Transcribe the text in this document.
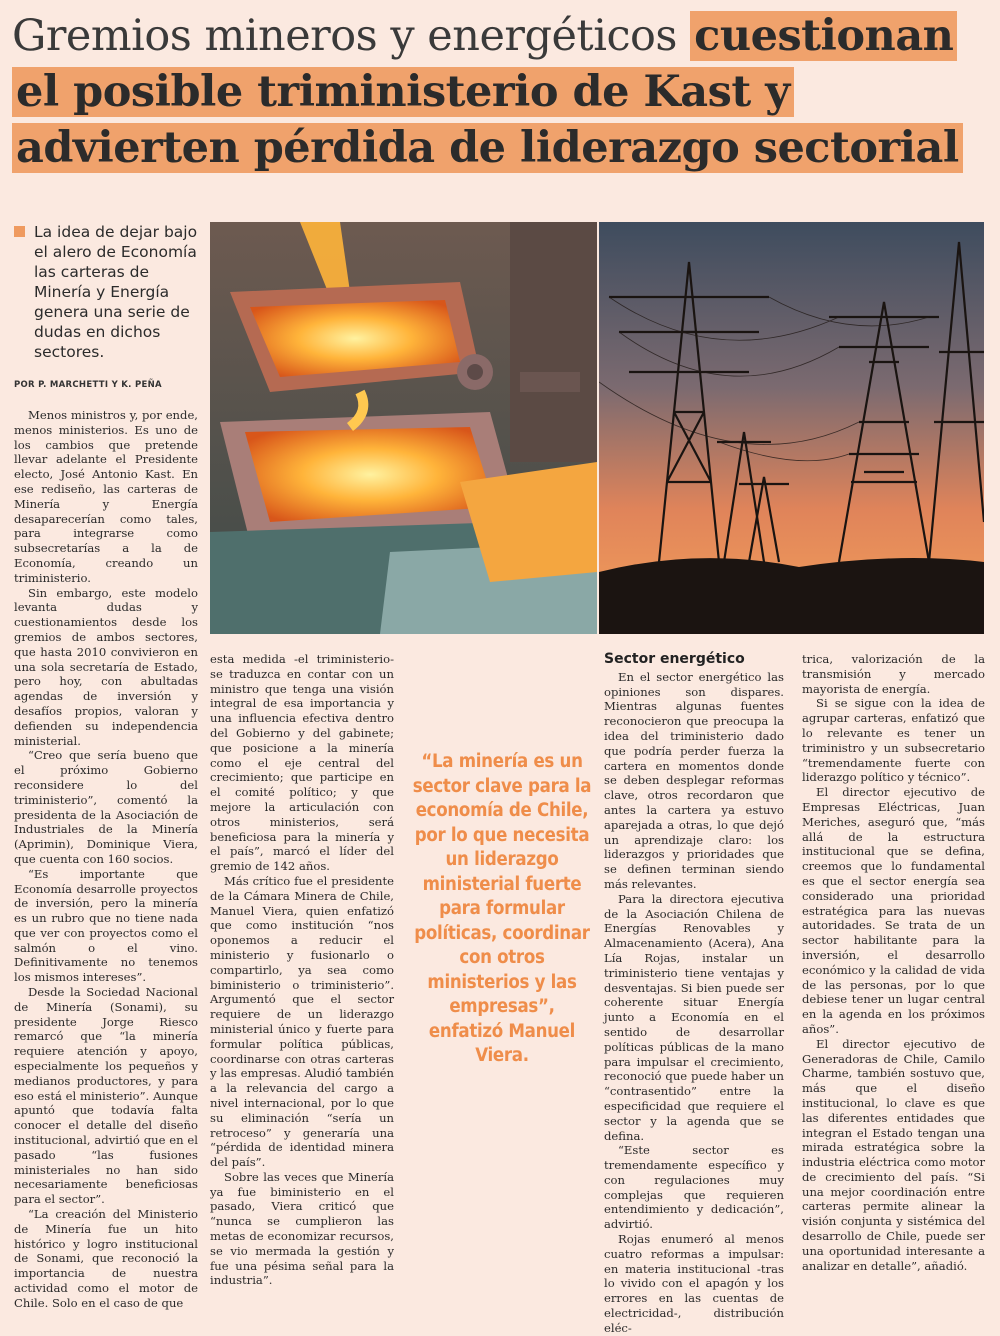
Gremios mineros y energéticos cuestionan
el posible triministerio de Kast y
advierten pérdida de liderazgo sectorial
La idea de dejar bajo el alero de Economía las carteras de Minería y Energía genera una serie de dudas en dichos sectores.
POR P. MARCHETTI Y K. PEÑA

Menos ministros y, por ende, menos ministerios. Es uno de los cambios que pretende llevar adelante el Presidente electo, José Antonio Kast. En ese rediseño, las carteras de Minería y Energía desaparecerían como tales, para integrarse como subsecretarías a la de Economía, creando un triministerio.

Sin embargo, este modelo levanta dudas y cuestionamientos desde los gremios de ambos sectores, que hasta 2010 convivieron en una sola secretaría de Estado, pero hoy, con abultadas agendas de inversión y desafíos propios, valoran y defienden su independencia ministerial.

“Creo que sería bueno que el próximo Gobierno reconsidere lo del triministerio”, comentó la presidenta de la Asociación de Industriales de la Minería (Aprimin), Dominique Viera, que cuenta con 160 socios.

“Es importante que Economía desarrolle proyectos de inversión, pero la minería es un rubro que no tiene nada que ver con proyectos como el salmón o el vino. Definitivamente no tenemos los mismos intereses”.

Desde la Sociedad Nacional de Minería (Sonami), su presidente Jorge Riesco remarcó que “la minería requiere atención y apoyo, especialmente los pequeños y medianos productores, y para eso está el ministerio”. Aunque apuntó que todavía falta conocer el detalle del diseño institucional, advirtió que en el pasado “las fusiones ministeriales no han sido necesariamente beneficiosas para el sector”.

“La creación del Ministerio de Minería fue un hito histórico y logro institucional de Sonami, que reconoció la importancia de nuestra actividad como el motor de Chile. Solo en el caso de que

esta medida -el triministerio- se traduzca en contar con un ministro que tenga una visión integral de esa importancia y una influencia efectiva dentro del Gobierno y del gabinete; que posicione a la minería como el eje central del crecimiento; que participe en el comité político; y que mejore la articulación con otros ministerios, será beneficiosa para la minería y el país”, marcó el líder del gremio de 142 años.

Más crítico fue el presidente de la Cámara Minera de Chile, Manuel Viera, quien enfatizó que como institución “nos oponemos a reducir el ministerio y fusionarlo o compartirlo, ya sea como biministerio o triministerio”. Argumentó que el sector requiere de un liderazgo ministerial único y fuerte para formular política públicas, coordinarse con otras carteras y las empresas. Aludió también a la relevancia del cargo a nivel internacional, por lo que su eliminación “sería un retroceso” y generaría una “pérdida de identidad minera del país”.

Sobre las veces que Minería ya fue biministerio en el pasado, Viera criticó que “nunca se cumplieron las metas de economizar recursos, se vio mermada la gestión y fue una pésima señal para la industria”.

“La minería es un sector clave para la economía de Chile, por lo que necesita un liderazgo ministerial fuerte para formular políticas, coordinar con otros ministerios y las empresas”, enfatizó Manuel Viera.
Sector energético

En el sector energético las opiniones son dispares. Mientras algunas fuentes reconocieron que preocupa la idea del triministerio dado que podría perder fuerza la cartera en momentos donde se deben desplegar reformas clave, otros recordaron que antes la cartera ya estuvo aparejada a otras, lo que dejó un aprendizaje claro: los liderazgos y prioridades que se definen terminan siendo más relevantes.

Para la directora ejecutiva de la Asociación Chilena de Energías Renovables y Almacenamiento (Acera), Ana Lía Rojas, instalar un triministerio tiene ventajas y desventajas. Si bien puede ser coherente situar Energía junto a Economía en el sentido de desarrollar políticas públicas de la mano para impulsar el crecimiento, reconoció que puede haber un “contrasentido” entre la especificidad que requiere el sector y la agenda que se defina.

“Este sector es tremendamente específico y con regulaciones muy complejas que requieren entendimiento y dedicación”, advirtió.

Rojas enumeró al menos cuatro reformas a impulsar: en materia institucional -tras lo vivido con el apagón y los errores en las cuentas de electricidad-, distribución eléc-

trica, valorización de la transmisión y mercado mayorista de energía.

Si se sigue con la idea de agrupar carteras, enfatizó que lo relevante es tener un triministro y un subsecretario “tremendamente fuerte con liderazgo político y técnico”.

El director ejecutivo de Empresas Eléctricas, Juan Meriches, aseguró que, “más allá de la estructura institucional que se defina, creemos que lo fundamental es que el sector energía sea considerado una prioridad estratégica para las nuevas autoridades. Se trata de un sector habilitante para la inversión, el desarrollo económico y la calidad de vida de las personas, por lo que debiese tener un lugar central en la agenda en los próximos años”.

El director ejecutivo de Generadoras de Chile, Camilo Charme, también sostuvo que, más que el diseño institucional, lo clave es que las diferentes entidades que integran el Estado tengan una mirada estratégica sobre la industria eléctrica como motor de crecimiento del país. “Si una mejor coordinación entre carteras permite alinear la visión conjunta y sistémica del desarrollo de Chile, puede ser una oportunidad interesante a analizar en detalle”, añadió.
